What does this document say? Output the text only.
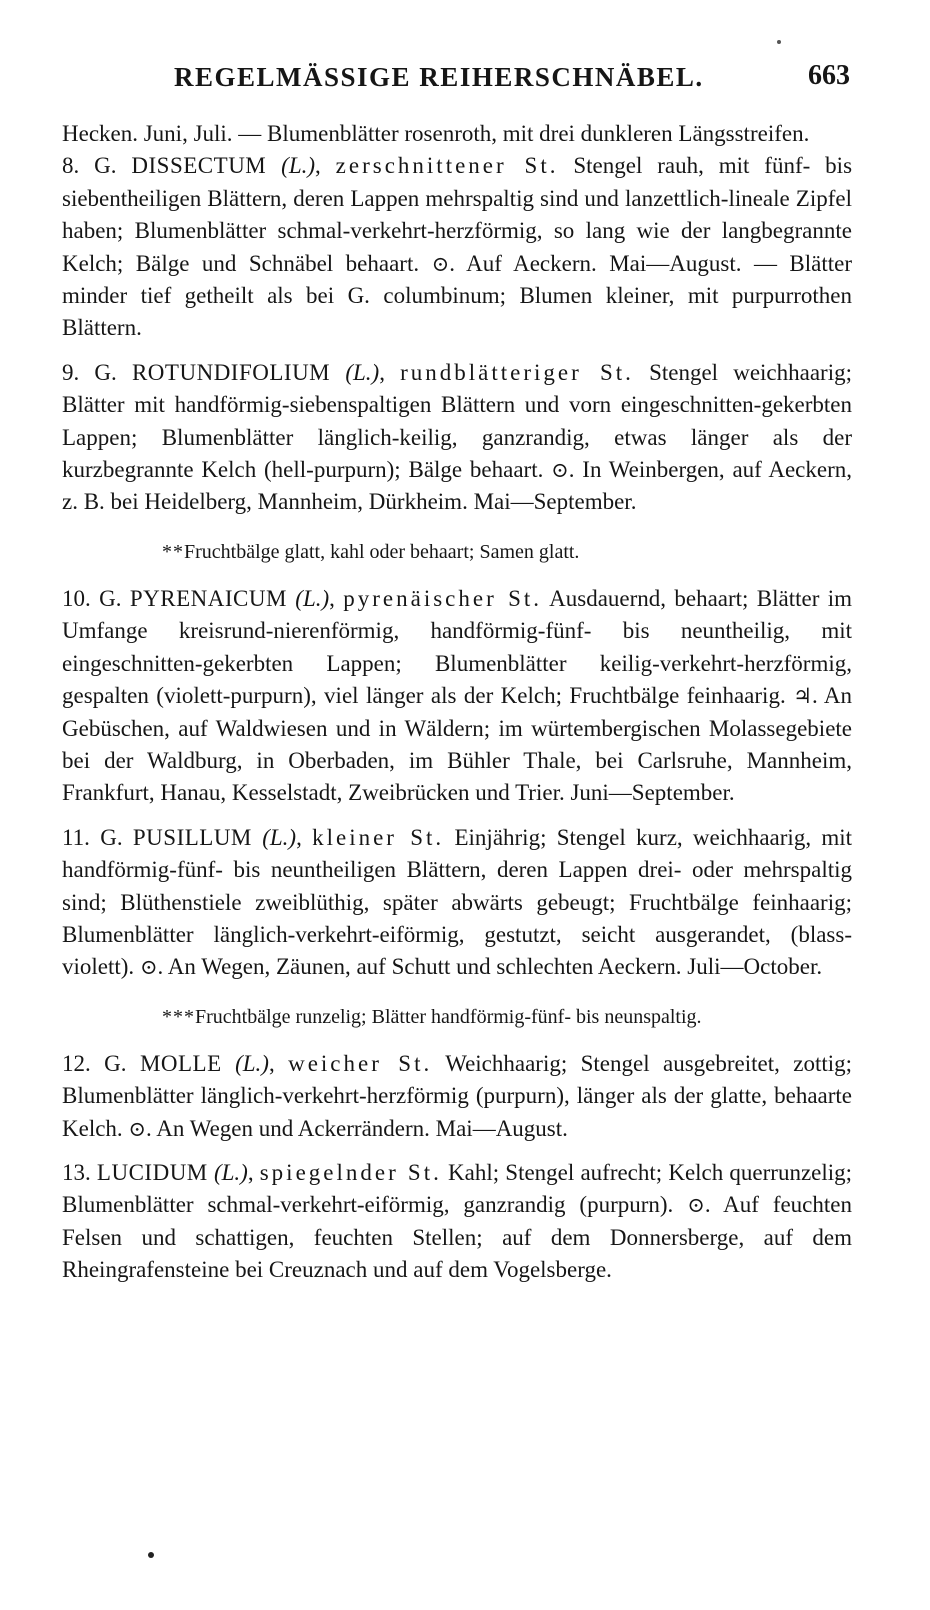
REGELMÄSSIGE REIHERSCHNÄBEL.	663

Hecken. Juni, Juli. — Blumenblätter rosenroth, mit drei dunkleren Längsstreifen.

8. G. DISSECTUM (L.), zerschnittener St. Stengel rauh, mit fünf- bis siebentheiligen Blättern, deren Lappen mehrspaltig sind und lanzettlich-lineale Zipfel haben; Blumenblätter schmal-verkehrt-herzförmig, so lang wie der langbegrannte Kelch; Bälge und Schnäbel behaart. ⊙. Auf Aeckern. Mai—August. — Blätter minder tief getheilt als bei G. columbinum; Blumen kleiner, mit purpurrothen Blättern.

9. G. ROTUNDIFOLIUM (L.), rundblätteriger St. Stengel weichhaarig; Blätter mit handförmig-siebenspaltigen Blättern und vorn eingeschnitten-gekerbten Lappen; Blumenblätter länglich-keilig, ganzrandig, etwas länger als der kurzbegrannte Kelch (hell-purpurn); Bälge behaart. ⊙. In Weinbergen, auf Aeckern, z. B. bei Heidelberg, Mannheim, Dürkheim. Mai—September.

**Fruchtbälge glatt, kahl oder behaart; Samen glatt.

10. G. PYRENAICUM (L.), pyrenäischer St. Ausdauernd, behaart; Blätter im Umfange kreisrund-nierenförmig, handförmig-fünf- bis neuntheilig, mit eingeschnitten-gekerbten Lappen; Blumenblätter keilig-verkehrt-herzförmig, gespalten (violett-purpurn), viel länger als der Kelch; Fruchtbälge feinhaarig. ♃. An Gebüschen, auf Waldwiesen und in Wäldern; im würtembergischen Molassegebiete bei der Waldburg, in Oberbaden, im Bühler Thale, bei Carlsruhe, Mannheim, Frankfurt, Hanau, Kesselstadt, Zweibrücken und Trier. Juni—September.

11. G. PUSILLUM (L.), kleiner St. Einjährig; Stengel kurz, weichhaarig, mit handförmig-fünf- bis neuntheiligen Blättern, deren Lappen drei- oder mehrspaltig sind; Blüthenstiele zweiblüthig, später abwärts gebeugt; Fruchtbälge feinhaarig; Blumenblätter länglich-verkehrt-eiförmig, gestutzt, seicht ausgerandet, (blass-violett). ⊙. An Wegen, Zäunen, auf Schutt und schlechten Aeckern. Juli—October.

***Fruchtbälge runzelig; Blätter handförmig-fünf- bis neunspaltig.

12. G. MOLLE (L.), weicher St. Weichhaarig; Stengel ausgebreitet, zottig; Blumenblätter länglich-verkehrt-herzförmig (purpurn), länger als der glatte, behaarte Kelch. ⊙. An Wegen und Ackerrändern. Mai—August.

13. LUCIDUM (L.), spiegelnder St. Kahl; Stengel aufrecht; Kelch querrunzelig; Blumenblätter schmal-verkehrt-eiförmig, ganzrandig (purpurn). ⊙. Auf feuchten Felsen und schattigen, feuchten Stellen; auf dem Donnersberge, auf dem Rheingrafensteine bei Creuznach und auf dem Vogelsberge.
